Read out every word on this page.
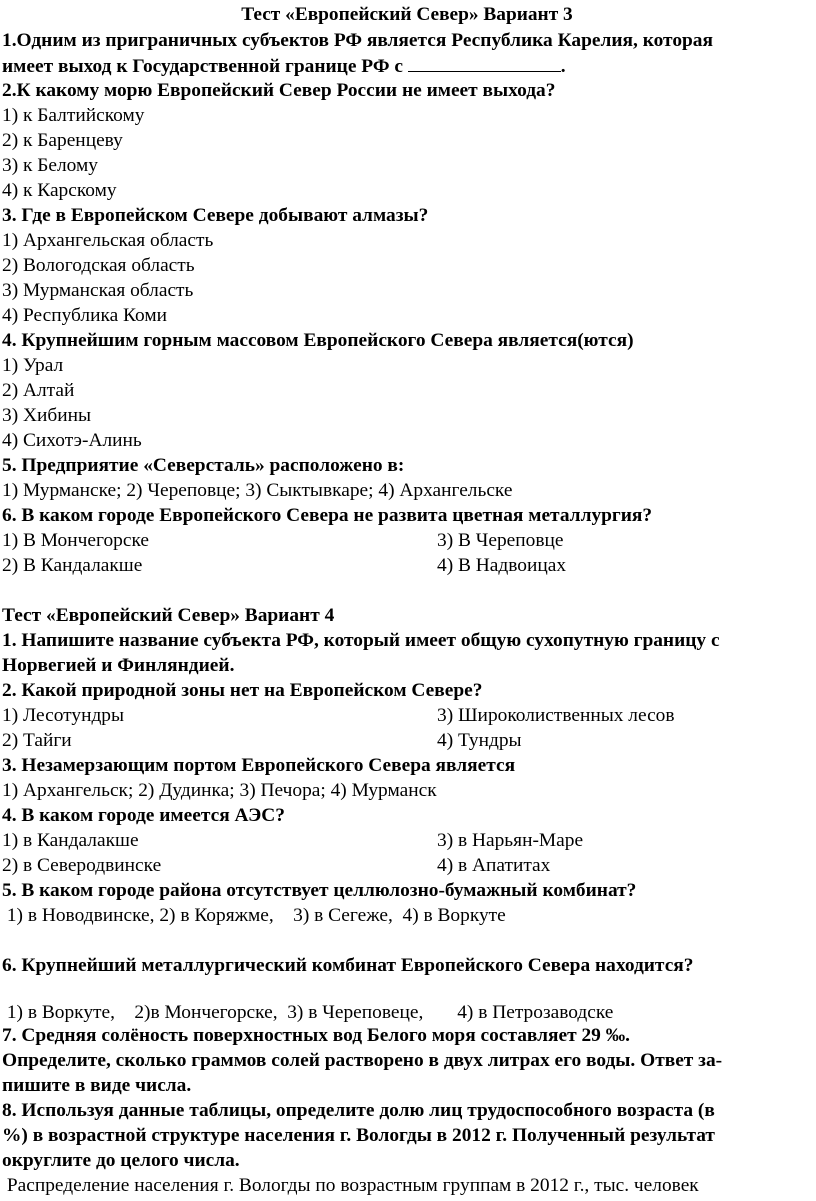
Тест «Европейский Север» Вариант 3
1.Одним из приграничных субъектов РФ является Республика Карелия, которая
имеет выход к Государственной границе РФ с	.
2.К какому морю Европейский Север России не имеет выхода?
1) к Балтийскому
2) к Баренцеву
3) к Белому
4) к Карскому
3. Где в Европейском Севере добывают алмазы?
1) Архангельская область
2) Вологодская область
3) Мурманская область
4) Республика Коми
4. Крупнейшим горным массовом Европейского Севера является(ются)
1) Урал
2) Алтай
3) Хибины
4) Сихотэ-Алинь
5. Предприятие «Северсталь» расположено в:
1) Мурманске; 2) Череповце; 3) Сыктывкаре; 4) Архангельске
6. В каком городе Европейского Севера не развита цветная металлургия?
1) В Мончегорске	3) В Череповце
2) В Кандалакше	4) В Надвоицах
Тест «Европейский Север» Вариант 4
1. Напишите название субъекта РФ, который имеет общую сухопутную границу с
Норвегией и Финляндией.
2. Какой природной зоны нет на Европейском Севере?
1) Лесотундры	3) Широколиственных лесов
2) Тайги	4) Тундры
3. Незамерзающим портом Европейского Севера является
1) Архангельск; 2) Дудинка; 3) Печора; 4) Мурманск
4. В каком городе имеется АЭС?
1) в Кандалакше	3) в Нарьян-Маре
2) в Северодвинске	4) в Апатитах
5. В каком городе района отсутствует целлюлозно-бумажный комбинат?
1) в Новодвинске, 2) в Коряжме,    3) в Сегеже,  4) в Воркуте
6. Крупнейший металлургический комбинат Европейского Севера находится?
1) в Воркуте,    2)в Мончегорске,  3) в Череповеце,       4) в Петрозаводске
7. Средняя солёность поверхностных вод Белого моря составляет 29 ‰.
Определите, сколько граммов солей растворено в двух литрах его воды. Ответ за-
пишите в виде числа.
8. Используя данные таблицы, определите долю лиц трудоспособного возраста (в
%) в возрастной структуре населения г. Вологды в 2012 г. Полученный результат
округлите до целого числа.
Распределение населения г. Вологды по возрастным группам в 2012 г., тыс. человек
